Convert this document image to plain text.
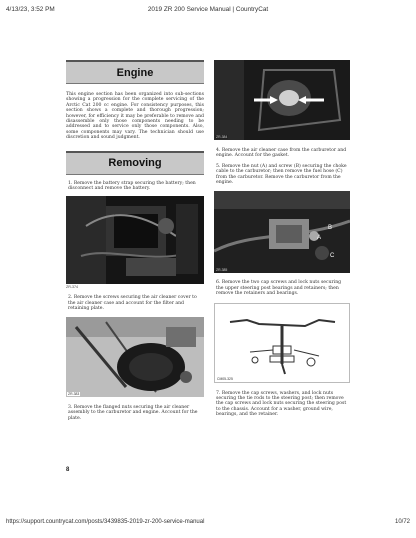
4/13/23, 3:52 PM	2019 ZR 200 Service Manual | CountryCat
Engine

This engine section has been organized into sub-sections showing a progression for the complete servicing of the Arctic Cat 200 cc engine. For consistency purposes, this section shows a complete and thorough progression; however, for efficiency it may be preferable to remove and disassemble only those components needing to be addressed and to service only those components. Also, some components may vary. The technician should use discretion and sound judgment.

Removing

1. Remove the battery strap securing the battery; then disconnect and remove the battery.

ZR-374

2. Remove the screws securing the air cleaner cover to the air cleaner case and account for the filter and retaining plate.

ZR-383

3. Remove the flanged nuts securing the air cleaner assembly to the carburetor and engine. Account for the plate.

ZR-384

4. Remove the air cleaner case from the carburetor and engine. Account for the gasket.

5. Remove the nut (A) and screw (B) securing the choke cable to the carburetor; then remove the fuel hose (C) from the carburetor. Remove the carburetor from the engine.

A
B
C
ZR-385

6. Remove the two cap screws and lock nuts securing the upper steering post bearings and retainers; then remove the retainers and bearings.

CM05-325

7. Remove the cap screws, washers, and lock nuts securing the tie rods to the steering post; then remove the cap screws and lock nuts securing the steering post to the chassis. Account for a washer, ground wire, bearings, and the retainer.

8
https://support.countrycat.com/posts/3439835-2019-zr-200-service-manual	10/72
